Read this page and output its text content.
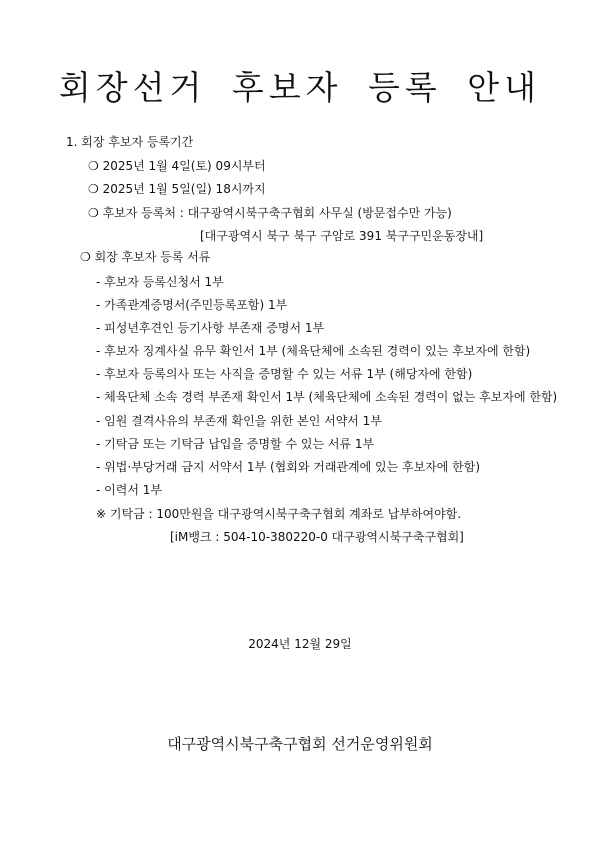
회장선거 후보자 등록 안내
1. 회장 후보자 등록기간
❍ 2025년 1월 4일(토) 09시부터
❍ 2025년 1월 5일(일) 18시까지
❍ 후보자 등록처 : 대구광역시북구축구협회 사무실 (방문접수만 가능)
[대구광역시 북구 북구 구암로 391 북구구민운동장내]
❍ 회장 후보자 등록 서류
- 후보자 등록신청서 1부
- 가족관계증명서(주민등록포함) 1부
- 피성년후견인 등기사항 부존재 증명서 1부
- 후보자 징계사실 유무 확인서 1부 (체육단체에 소속된 경력이 있는 후보자에 한함)
- 후보자 등록의사 또는 사직을 증명할 수 있는 서류 1부 (해당자에 한함)
- 체육단체 소속 경력 부존재 확인서 1부 (체육단체에 소속된 경력이 없는 후보자에 한함)
- 임원 결격사유의 부존재 확인을 위한 본인 서약서 1부
- 기탁금 또는 기탁금 납입을 증명할 수 있는 서류 1부
- 위법·부당거래 금지 서약서 1부 (협회와 거래관계에 있는 후보자에 한함)
- 이력서 1부
※ 기탁금 : 100만원을 대구광역시북구축구협회 계좌로 납부하여야함.
[iM뱅크 : 504-10-380220-0 대구광역시북구축구협회]
2024년 12월 29일
대구광역시북구축구협회 선거운영위원회
